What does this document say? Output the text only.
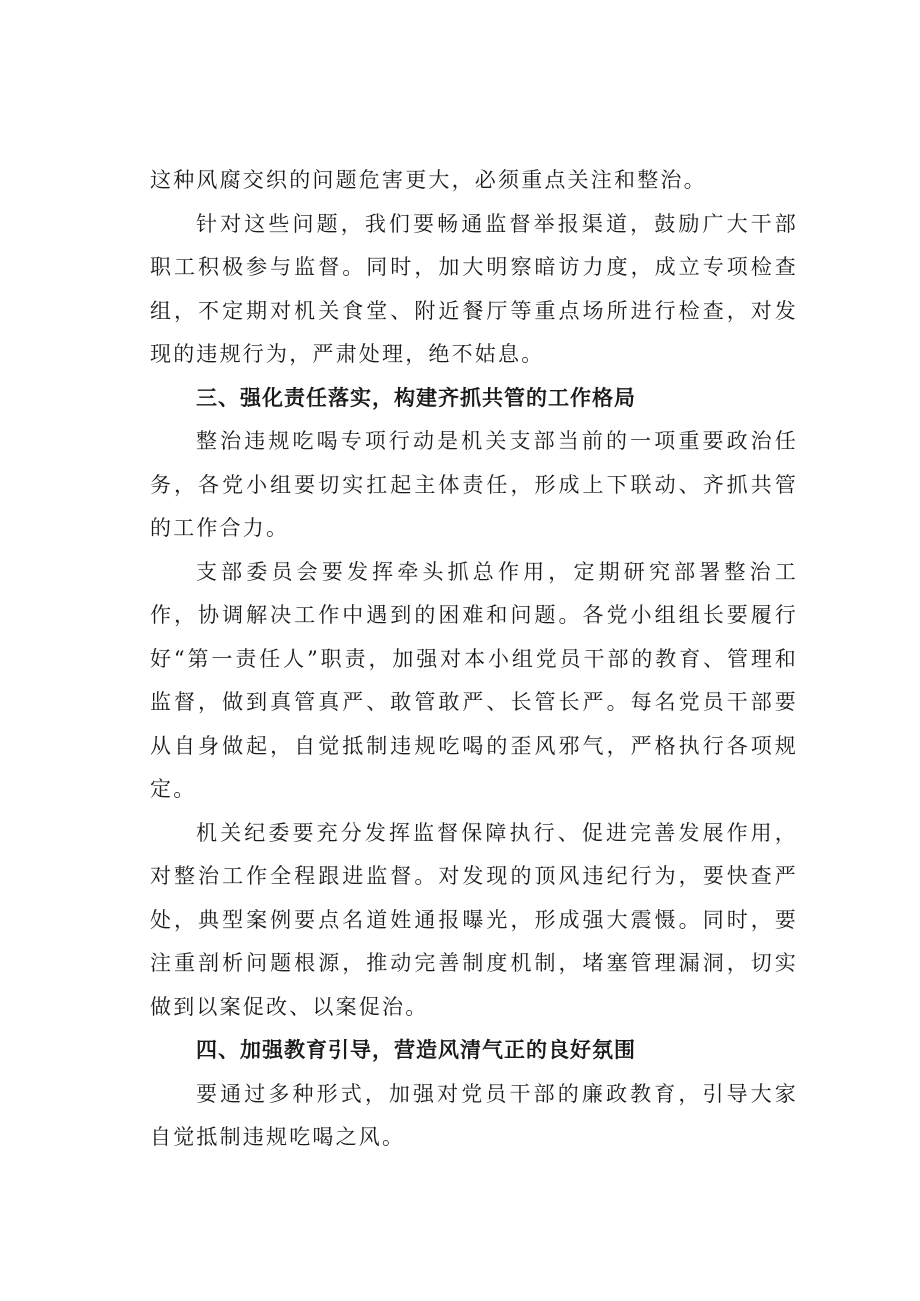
这种风腐交织的问题危害更大，必须重点关注和整治。

针对这些问题，我们要畅通监督举报渠道，鼓励广大干部职工积极参与监督。同时，加大明察暗访力度，成立专项检查组，不定期对机关食堂、附近餐厅等重点场所进行检查，对发现的违规行为，严肃处理，绝不姑息。

三、强化责任落实，构建齐抓共管的工作格局

整治违规吃喝专项行动是机关支部当前的一项重要政治任务，各党小组要切实扛起主体责任，形成上下联动、齐抓共管的工作合力。

支部委员会要发挥牵头抓总作用，定期研究部署整治工作，协调解决工作中遇到的困难和问题。各党小组组长要履行好“第一责任人”职责，加强对本小组党员干部的教育、管理和监督，做到真管真严、敢管敢严、长管长严。每名党员干部要从自身做起，自觉抵制违规吃喝的歪风邪气，严格执行各项规定。

机关纪委要充分发挥监督保障执行、促进完善发展作用，对整治工作全程跟进监督。对发现的顶风违纪行为，要快查严处，典型案例要点名道姓通报曝光，形成强大震慑。同时，要注重剖析问题根源，推动完善制度机制，堵塞管理漏洞，切实做到以案促改、以案促治。

四、加强教育引导，营造风清气正的良好氛围

要通过多种形式，加强对党员干部的廉政教育，引导大家自觉抵制违规吃喝之风。
